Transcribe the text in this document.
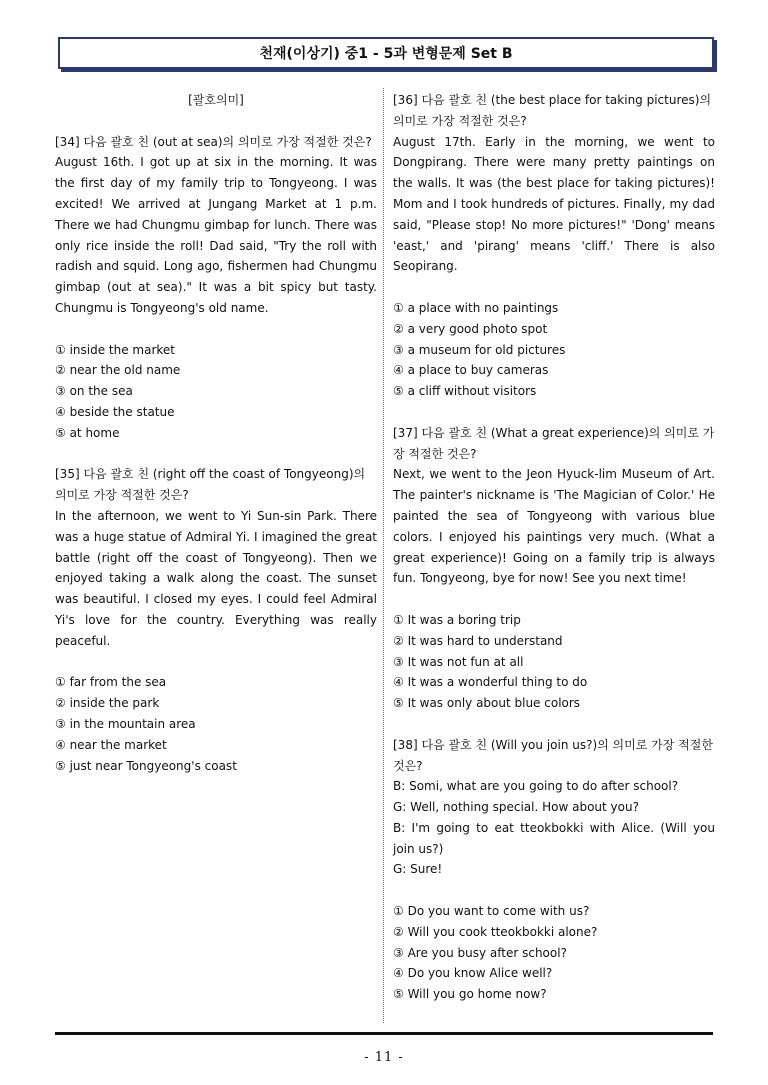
천재(이상기) 중1 - 5과 변형문제 Set B
[괄호의미]
[34] 다음 괄호 친 (out at sea)의 의미로 가장 적절한 것은?
August 16th. I got up at six in the morning. It was the first day of my family trip to Tongyeong. I was excited! We arrived at Jungang Market at 1 p.m. There we had Chungmu gimbap for lunch. There was only rice inside the roll! Dad said, "Try the roll with radish and squid. Long ago, fishermen had Chungmu gimbap (out at sea)." It was a bit spicy but tasty. Chungmu is Tongyeong's old name.
① inside the market
② near the old name
③ on the sea
④ beside the statue
⑤ at home
[35] 다음 괄호 친 (right off the coast of Tongyeong)의 의미로 가장 적절한 것은?
In the afternoon, we went to Yi Sun-sin Park. There was a huge statue of Admiral Yi. I imagined the great battle (right off the coast of Tongyeong). Then we enjoyed taking a walk along the coast. The sunset was beautiful. I closed my eyes. I could feel Admiral Yi's love for the country. Everything was really peaceful.
① far from the sea
② inside the park
③ in the mountain area
④ near the market
⑤ just near Tongyeong's coast
[36] 다음 괄호 친 (the best place for taking pictures)의 의미로 가장 적절한 것은?
August 17th. Early in the morning, we went to Dongpirang. There were many pretty paintings on the walls. It was (the best place for taking pictures)! Mom and I took hundreds of pictures. Finally, my dad said, "Please stop! No more pictures!" 'Dong' means 'east,' and 'pirang' means 'cliff.' There is also Seopirang.
① a place with no paintings
② a very good photo spot
③ a museum for old pictures
④ a place to buy cameras
⑤ a cliff without visitors
[37] 다음 괄호 친 (What a great experience)의 의미로 가장 적절한 것은?
Next, we went to the Jeon Hyuck-lim Museum of Art. The painter's nickname is 'The Magician of Color.' He painted the sea of Tongyeong with various blue colors. I enjoyed his paintings very much. (What a great experience)! Going on a family trip is always fun. Tongyeong, bye for now! See you next time!
① It was a boring trip
② It was hard to understand
③ It was not fun at all
④ It was a wonderful thing to do
⑤ It was only about blue colors
[38] 다음 괄호 친 (Will you join us?)의 의미로 가장 적절한 것은?
B: Somi, what are you going to do after school?
G: Well, nothing special. How about you?
B: I'm going to eat tteokbokki with Alice. (Will you join us?)
G: Sure!
① Do you want to come with us?
② Will you cook tteokbokki alone?
③ Are you busy after school?
④ Do you know Alice well?
⑤ Will you go home now?
- 11 -
